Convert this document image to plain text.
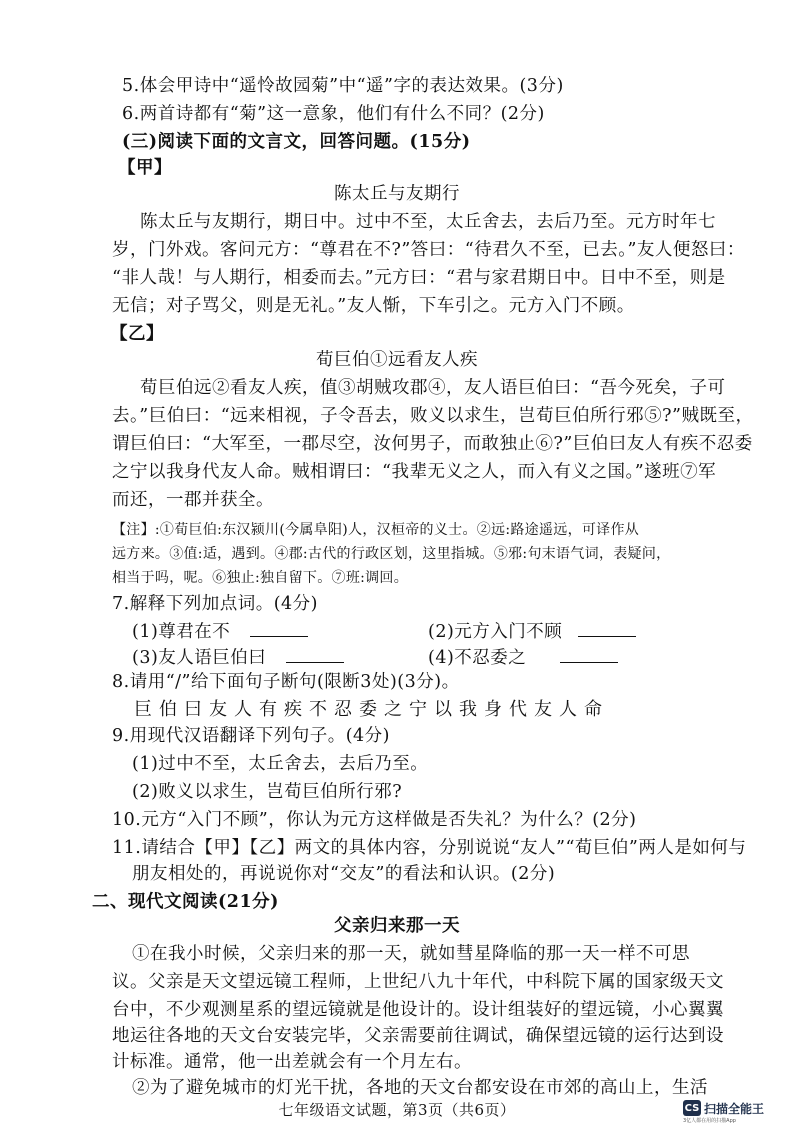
5.体会甲诗中“遥怜故园菊”中“遥”字的表达效果。(3分)
6.两首诗都有“菊”这一意象，他们有什么不同？(2分)
(三)阅读下面的文言文，回答问题。(15分)
【甲】
陈太丘与友期行
陈太丘与友期行，期日中。过中不至，太丘舍去，去后乃至。元方时年七
岁，门外戏。客问元方：“尊君在不?”答曰：“待君久不至，已去。”友人便怒曰：
“非人哉！与人期行，相委而去。”元方曰：“君与家君期日中。日中不至，则是
无信；对子骂父，则是无礼。”友人惭，下车引之。元方入门不顾。
【乙】
荀巨伯①远看友人疾
荀巨伯远②看友人疾，值③胡贼攻郡④，友人语巨伯曰：“吾今死矣，子可
去。”巨伯曰：“远来相视，子令吾去，败义以求生，岂荀巨伯所行邪⑤?”贼既至，
谓巨伯曰：“大军至，一郡尽空，汝何男子，而敢独止⑥?”巨伯曰友人有疾不忍委
之宁以我身代友人命。贼相谓曰：“我辈无义之人，而入有义之国。”遂班⑦军
而还，一郡并获全。
【注】:①荀巨伯:东汉颍川(今属阜阳)人，汉桓帝的义士。②远:路途遥远，可译作从
远方来。③值:适，遇到。④郡:古代的行政区划，这里指城。⑤邪:句末语气词，表疑问，
相当于吗，呢。⑥独止:独自留下。⑦班:调回。
7.解释下列加点词。(4分)
(1)尊君在不	(2)元方入门不顾
(3)友人语巨伯曰	(4)不忍委之
8.请用“/”给下面句子断句(限断3处)(3分)。
巨伯曰友人有疾不忍委之宁以我身代友人命
9.用现代汉语翻译下列句子。(4分)
(1)过中不至，太丘舍去，去后乃至。
(2)败义以求生，岂荀巨伯所行邪?
10.元方“入门不顾”，你认为元方这样做是否失礼？为什么？(2分)
11.请结合【甲】【乙】两文的具体内容，分别说说“友人”“荀巨伯”两人是如何与
朋友相处的，再说说你对“交友”的看法和认识。(2分)
二、现代文阅读(21分)
父亲归来那一天
①在我小时候，父亲归来的那一天，就如彗星降临的那一天一样不可思
议。父亲是天文望远镜工程师，上世纪八九十年代，中科院下属的国家级天文
台中，不少观测星系的望远镜就是他设计的。设计组装好的望远镜，小心翼翼
地运往各地的天文台安装完毕，父亲需要前往调试，确保望远镜的运行达到设
计标准。通常，他一出差就会有一个月左右。
②为了避免城市的灯光干扰，各地的天文台都安设在市郊的高山上，生活
七年级语文试题，第3页（共6页）	CS 扫描全能王
3亿人都在用的扫描App
